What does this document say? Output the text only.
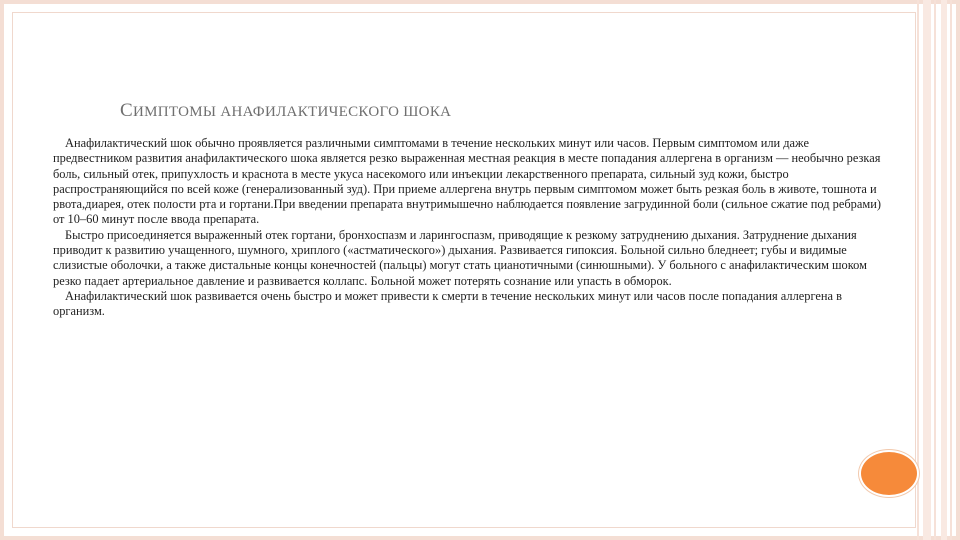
СИМПТОМЫ АНАФИЛАКТИЧЕСКОГО ШОКА

Анафилактический шок обычно проявляется различными симптомами в течение нескольких минут или часов. Первым симптомом или даже предвестником развития анафилактического шока является резко выраженная местная реакция в месте попадания аллергена в организм — необычно резкая боль, сильный отек, припухлость и краснота в месте укуса насекомого или инъекции лекарственного препарата, сильный зуд кожи, быстро распространяющийся по всей коже (генерализованный зуд). При приеме аллергена внутрь первым симптомом может быть резкая боль в животе, тошнота и рвота,диарея, отек полости рта и гортани.При введении препарата внутримышечно наблюдается появление загрудинной боли (сильное сжатие под ребрами) от 10–60 минут после ввода препарата.

Быстро присоединяется выраженный отек гортани, бронхоспазм и ларингоспазм, приводящие к резкому затруднению дыхания. Затруднение дыхания приводит к развитию учащенного, шумного, хриплого («астматического») дыхания. Развивается гипоксия. Больной сильно бледнеет; губы и видимые слизистые оболочки, а также дистальные концы конечностей (пальцы) могут стать цианотичными (синюшными). У больного с анафилактическим шоком резко падает артериальное давление и развивается коллапс. Больной может потерять сознание или упасть в обморок.

Анафилактический шок развивается очень быстро и может привести к смерти в течение нескольких минут или часов после попадания аллергена в организм.
